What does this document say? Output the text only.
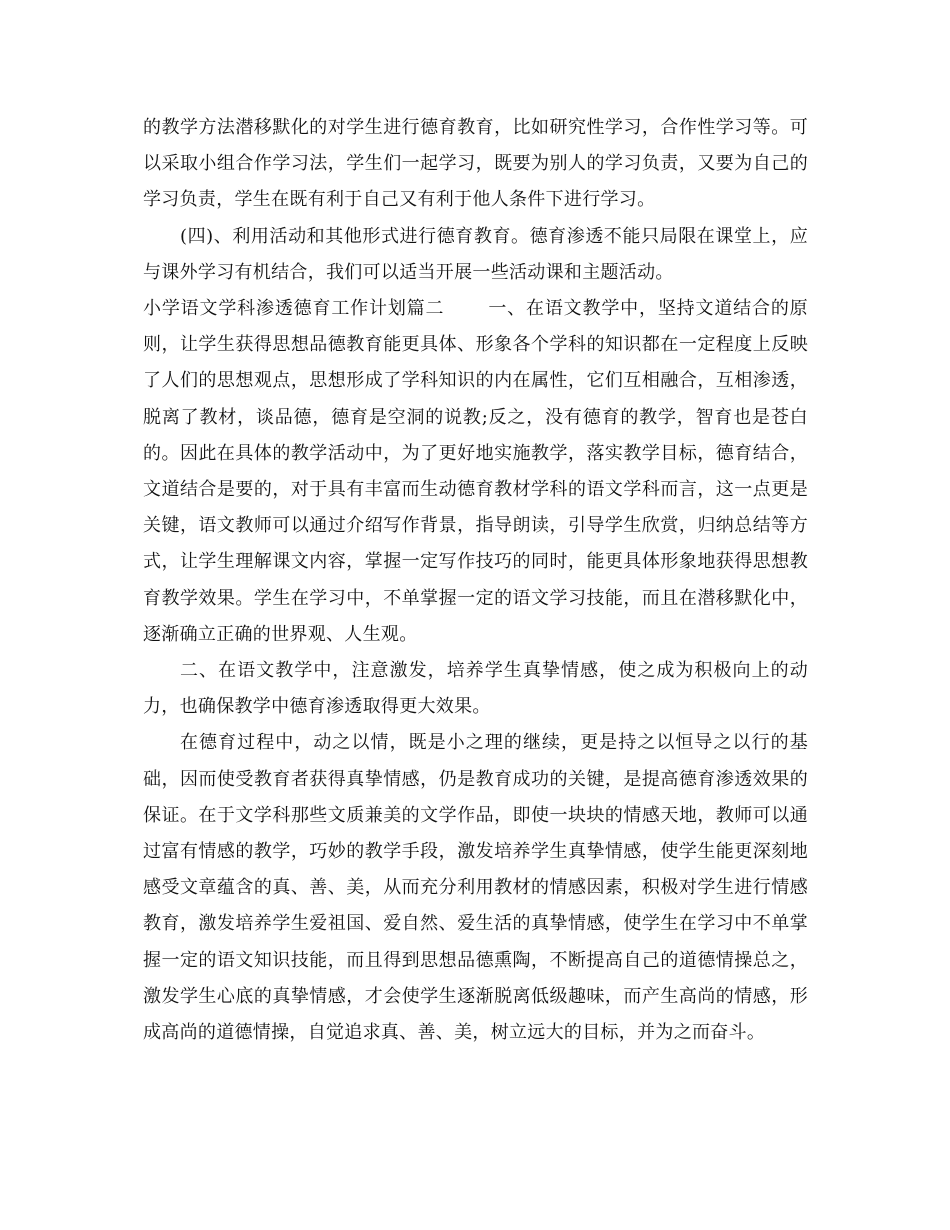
的教学方法潜移默化的对学生进行德育教育，比如研究性学习，合作性学习等。可以采取小组合作学习法，学生们一起学习，既要为别人的学习负责，又要为自己的学习负责，学生在既有利于自己又有利于他人条件下进行学习。

(四)、利用活动和其他形式进行德育教育。德育渗透不能只局限在课堂上，应与课外学习有机结合，我们可以适当开展一些活动课和主题活动。

小学语文学科渗透德育工作计划篇二 一、在语文教学中，坚持文道结合的原则，让学生获得思想品德教育能更具体、形象各个学科的知识都在一定程度上反映了人们的思想观点，思想形成了学科知识的内在属性，它们互相融合，互相渗透，脱离了教材，谈品德，德育是空洞的说教;反之，没有德育的教学，智育也是苍白的。因此在具体的教学活动中，为了更好地实施教学，落实教学目标，德育结合，文道结合是要的，对于具有丰富而生动德育教材学科的语文学科而言，这一点更是关键，语文教师可以通过介绍写作背景，指导朗读，引导学生欣赏，归纳总结等方式，让学生理解课文内容，掌握一定写作技巧的同时，能更具体形象地获得思想教育教学效果。学生在学习中，不单掌握一定的语文学习技能，而且在潜移默化中，逐渐确立正确的世界观、人生观。

二、在语文教学中，注意激发，培养学生真挚情感，使之成为积极向上的动力，也确保教学中德育渗透取得更大效果。

在德育过程中，动之以情，既是小之理的继续，更是持之以恒导之以行的基础，因而使受教育者获得真挚情感，仍是教育成功的关键，是提高德育渗透效果的保证。在于文学科那些文质兼美的文学作品，即使一块块的情感天地，教师可以通过富有情感的教学，巧妙的教学手段，激发培养学生真挚情感，使学生能更深刻地感受文章蕴含的真、善、美，从而充分利用教材的情感因素，积极对学生进行情感教育，激发培养学生爱祖国、爱自然、爱生活的真挚情感，使学生在学习中不单掌握一定的语文知识技能，而且得到思想品德熏陶，不断提高自己的道德情操总之，激发学生心底的真挚情感，才会使学生逐渐脱离低级趣味，而产生高尚的情感，形成高尚的道德情操，自觉追求真、善、美，树立远大的目标，并为之而奋斗。
